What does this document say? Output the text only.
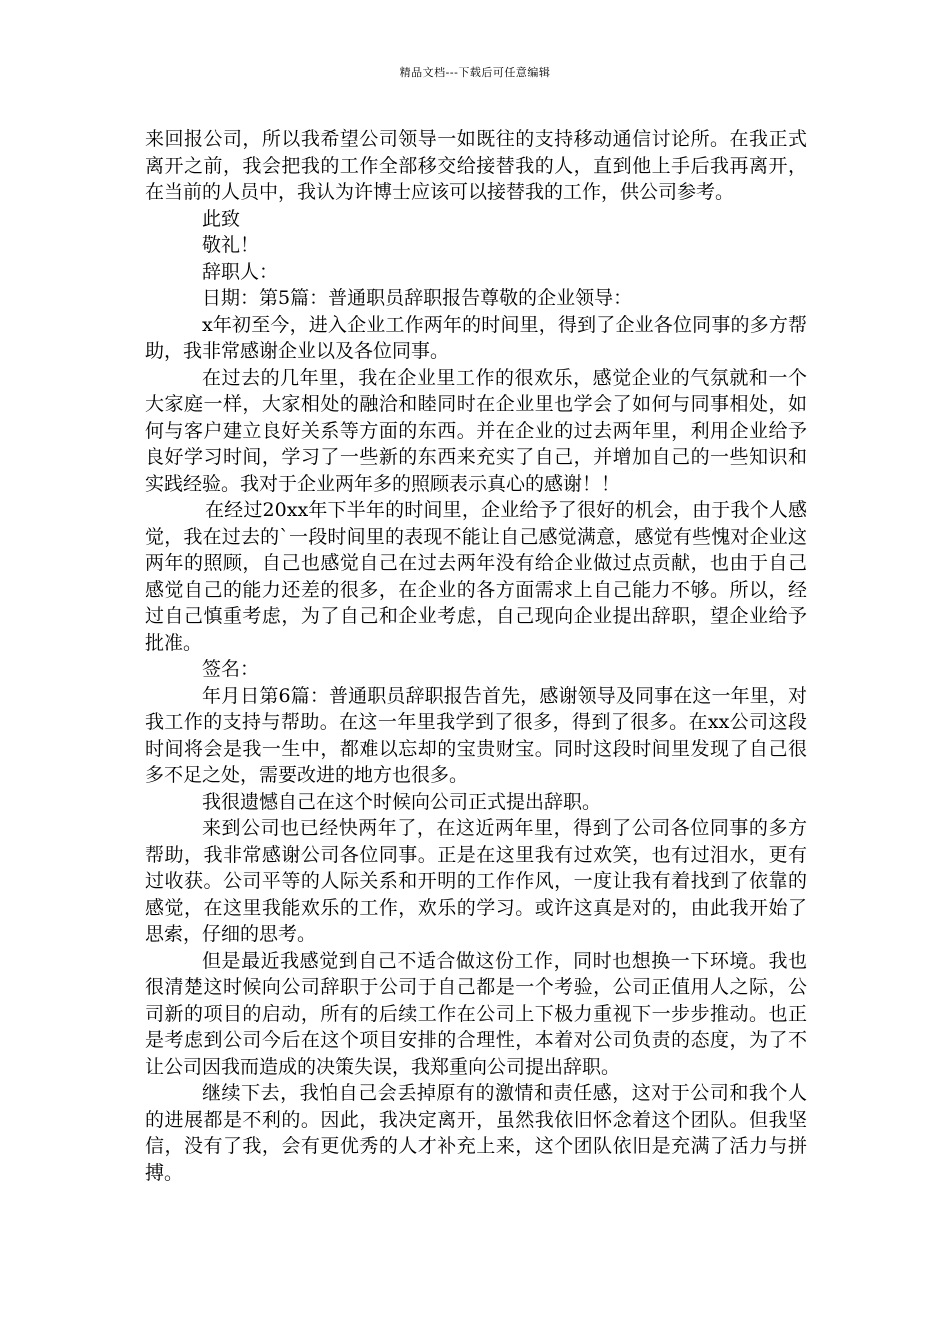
精品文档---下载后可任意编辑

来回报公司，所以我希望公司领导一如既往的支持移动通信讨论所。在我正式离开之前，我会把我的工作全部移交给接替我的人，直到他上手后我再离开，在当前的人员中，我认为许博士应该可以接替我的工作，供公司参考。

此致

敬礼！

辞职人：

日期：第5篇：普通职员辞职报告尊敬的企业领导：

x年初至今，进入企业工作两年的时间里，得到了企业各位同事的多方帮助，我非常感谢企业以及各位同事。

在过去的几年里，我在企业里工作的很欢乐，感觉企业的气氛就和一个大家庭一样，大家相处的融洽和睦同时在企业里也学会了如何与同事相处，如何与客户建立良好关系等方面的东西。并在企业的过去两年里，利用企业给予良好学习时间，学习了一些新的东西来充实了自己，并增加自己的一些知识和实践经验。我对于企业两年多的照顾表示真心的感谢！！

在经过20xx年下半年的时间里，企业给予了很好的机会，由于我个人感觉，我在过去的`一段时间里的表现不能让自己感觉满意，感觉有些愧对企业这两年的照顾，自己也感觉自己在过去两年没有给企业做过点贡献，也由于自己感觉自己的能力还差的很多，在企业的各方面需求上自己能力不够。所以，经过自己慎重考虑，为了自己和企业考虑，自己现向企业提出辞职，望企业给予批准。

签名：

年月日第6篇：普通职员辞职报告首先，感谢领导及同事在这一年里，对我工作的支持与帮助。在这一年里我学到了很多，得到了很多。在xx公司这段时间将会是我一生中，都难以忘却的宝贵财宝。同时这段时间里发现了自己很多不足之处，需要改进的地方也很多。

我很遗憾自己在这个时候向公司正式提出辞职。

来到公司也已经快两年了，在这近两年里，得到了公司各位同事的多方帮助，我非常感谢公司各位同事。正是在这里我有过欢笑，也有过泪水，更有过收获。公司平等的人际关系和开明的工作作风，一度让我有着找到了依靠的感觉，在这里我能欢乐的工作，欢乐的学习。或许这真是对的，由此我开始了思索，仔细的思考。

但是最近我感觉到自己不适合做这份工作，同时也想换一下环境。我也很清楚这时候向公司辞职于公司于自己都是一个考验，公司正值用人之际，公司新的项目的启动，所有的后续工作在公司上下极力重视下一步步推动。也正是考虑到公司今后在这个项目安排的合理性，本着对公司负责的态度，为了不让公司因我而造成的决策失误，我郑重向公司提出辞职。

继续下去，我怕自己会丢掉原有的激情和责任感，这对于公司和我个人的进展都是不利的。因此，我决定离开，虽然我依旧怀念着这个团队。但我坚信，没有了我，会有更优秀的人才补充上来，这个团队依旧是充满了活力与拼搏。
